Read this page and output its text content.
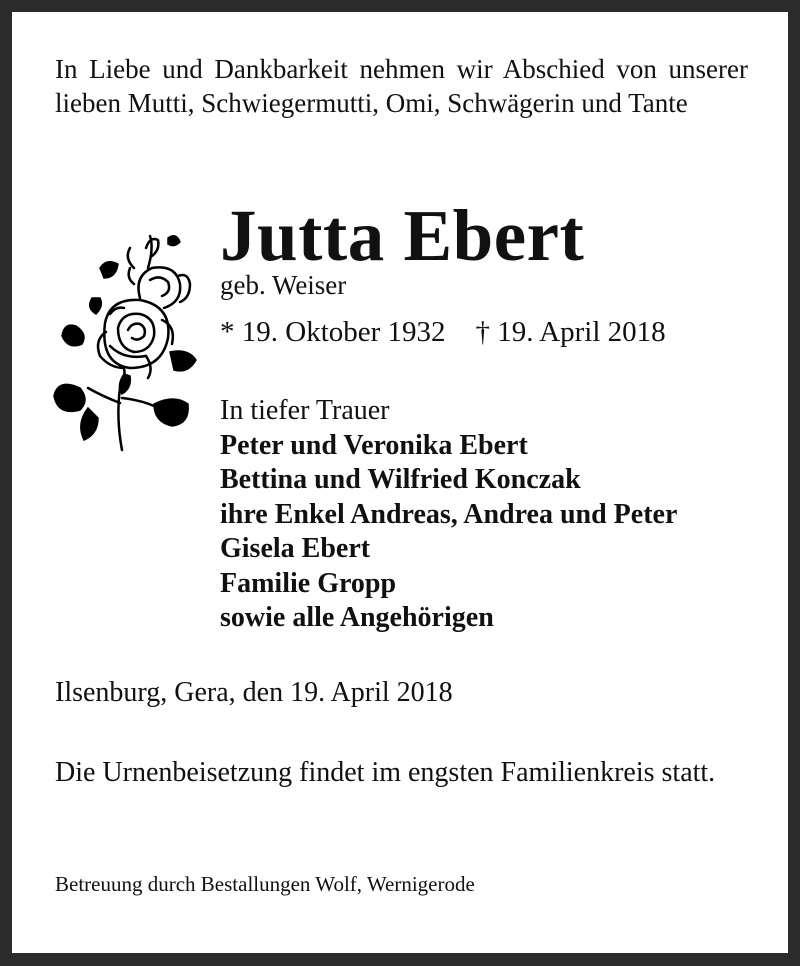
In Liebe und Dankbarkeit nehmen wir Abschied von unserer lieben Mutti, Schwiegermutti, Omi, Schwägerin und Tante
Jutta Ebert
geb. Weiser
* 19. Oktober 1932 † 19. April 2018
In tiefer Trauer
Peter und Veronika Ebert
Bettina und Wilfried Konczak
ihre Enkel Andreas, Andrea und Peter
Gisela Ebert
Familie Gropp
sowie alle Angehörigen
Ilsenburg, Gera, den 19. April 2018
Die Urnenbeisetzung findet im engsten Familienkreis statt.
Betreuung durch Bestallungen Wolf, Wernigerode
